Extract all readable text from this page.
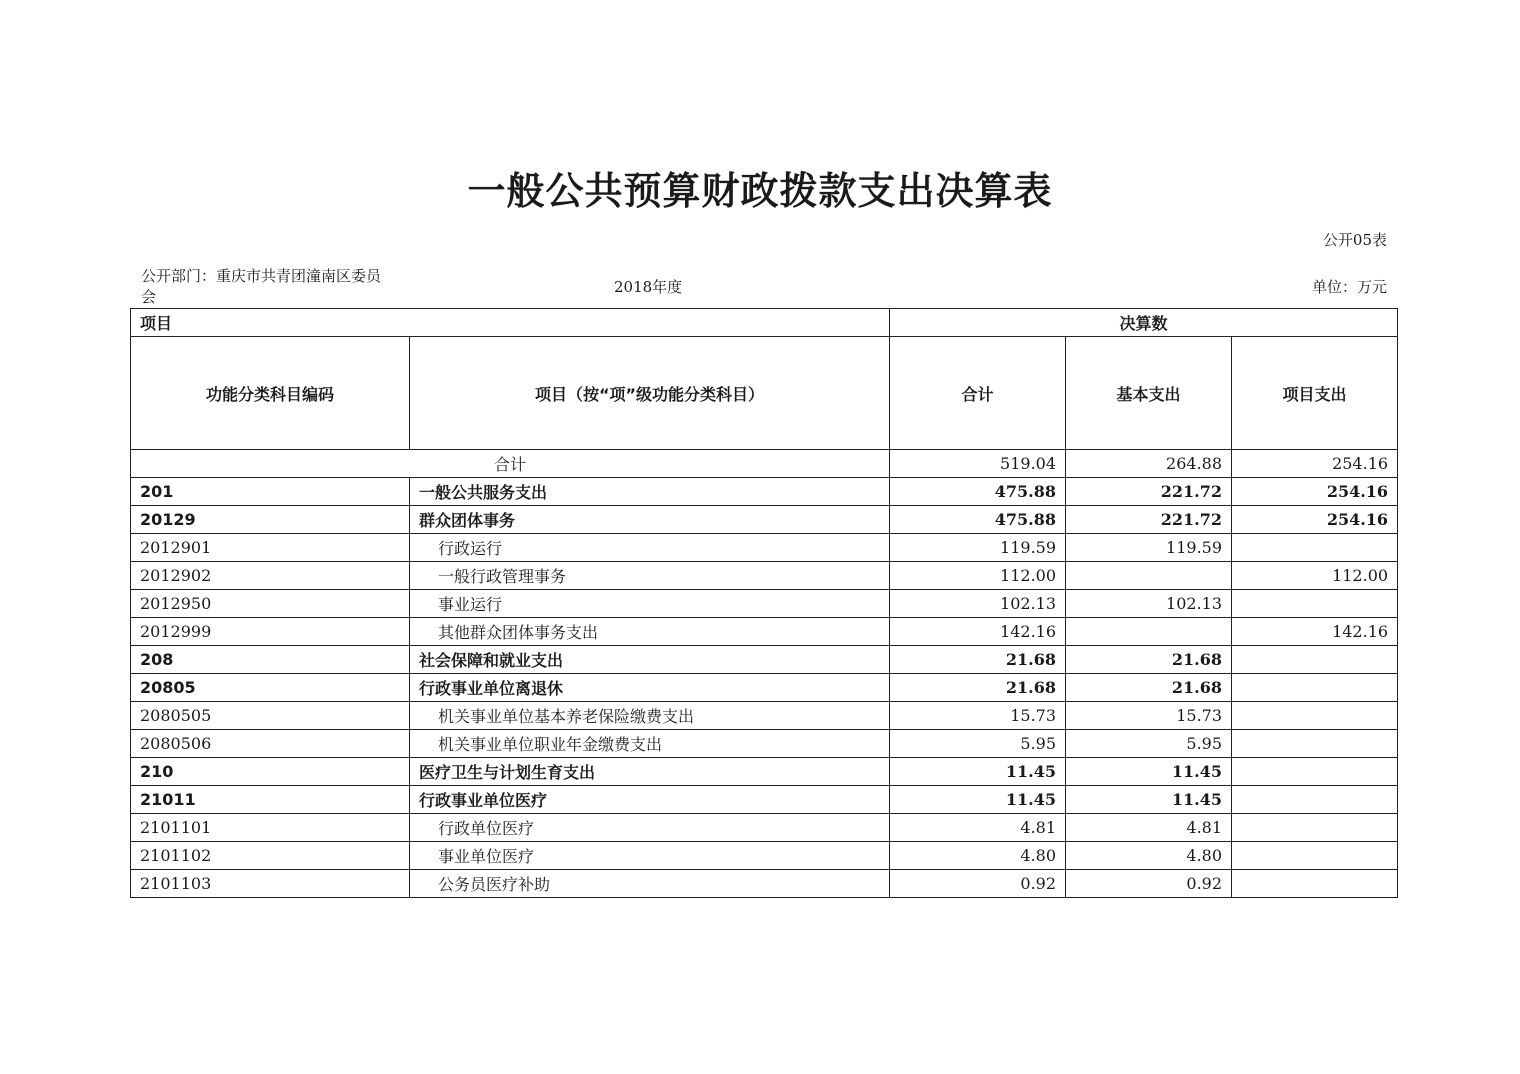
一般公共预算财政拨款支出决算表
公开05表
公开部门：重庆市共青团潼南区委员会
2018年度	单位：万元
项目		决算数		
功能分类科目编码	项目（按“项”级功能分类科目）	合计	基本支出	项目支出
合计		519.04	264.88	254.16
201	一般公共服务支出	475.88	221.72	254.16
20129	群众团体事务	475.88	221.72	254.16
2012901	行政运行	119.59	119.59	
2012902	一般行政管理事务	112.00		112.00
2012950	事业运行	102.13	102.13	
2012999	其他群众团体事务支出	142.16		142.16
208	社会保障和就业支出	21.68	21.68	
20805	行政事业单位离退休	21.68	21.68	
2080505	机关事业单位基本养老保险缴费支出	15.73	15.73	
2080506	机关事业单位职业年金缴费支出	5.95	5.95	
210	医疗卫生与计划生育支出	11.45	11.45	
21011	行政事业单位医疗	11.45	11.45	
2101101	行政单位医疗	4.81	4.81	
2101102	事业单位医疗	4.80	4.80	
2101103	公务员医疗补助	0.92	0.92	
